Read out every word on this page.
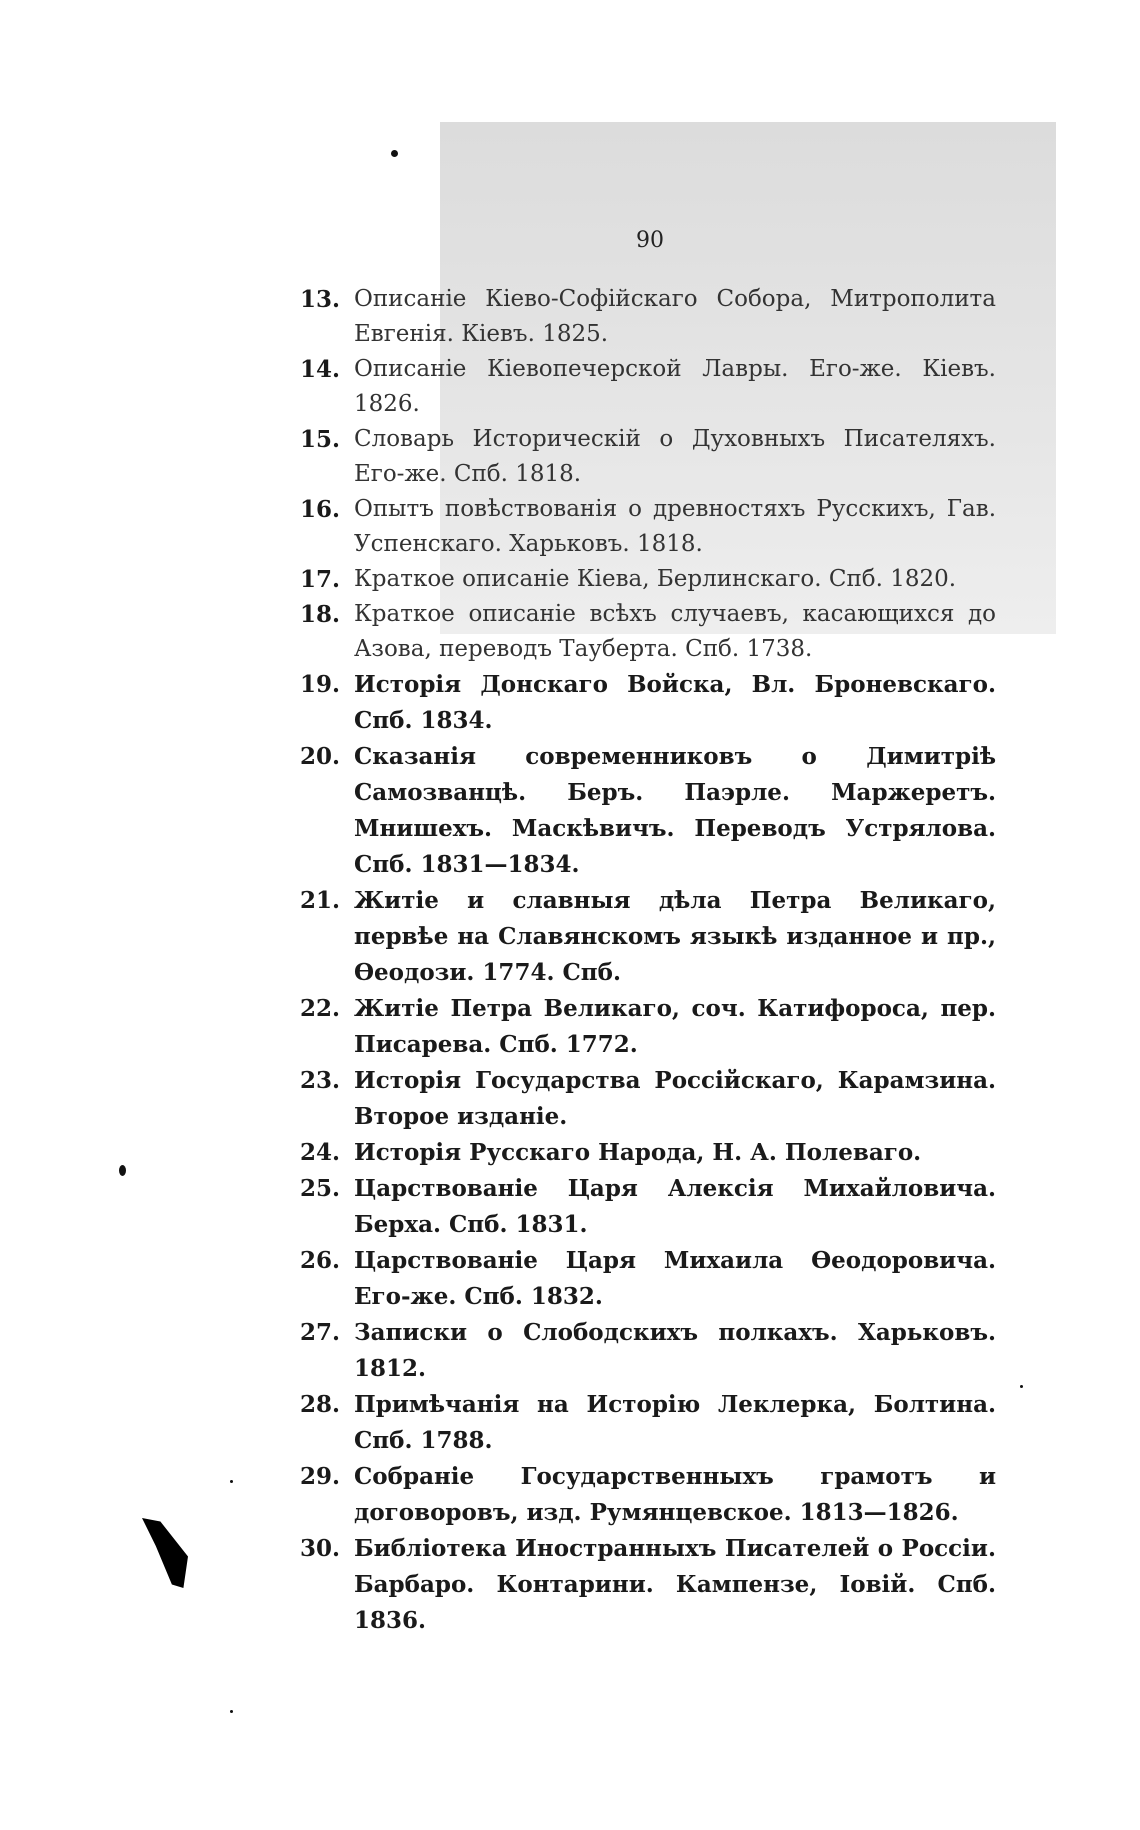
90
13. Описаніе Кіево-Софійскаго Собора, Митрополита Евгенія. Кіевъ. 1825.
14. Описаніе Кіевопечерской Лавры. Его-же. Кіевъ. 1826.
15. Словарь Историческій о Духовныхъ Писателяхъ. Его-же. Спб. 1818.
16. Опытъ повѣствованія о древностяхъ Русскихъ, Гав. Успенскаго. Харьковъ. 1818.
17. Краткое описаніе Кіева, Берлинскаго. Спб. 1820.
18. Краткое описаніе всѣхъ случаевъ, касающихся до Азова, переводъ Тауберта. Спб. 1738.
19. Исторія Донскаго Войска, Вл. Броневскаго. Спб. 1834.
20. Сказанія современниковъ о Димитріѣ Самозванцѣ. Беръ. Паэрле. Маржеретъ. Мнишехъ. Маскѣвичъ. Переводъ Устрялова. Спб. 1831—1834.
21. Житіе и славныя дѣла Петра Великаго, первѣе на Славянскомъ языкѣ изданное и пр., Өеодози. 1774. Спб.
22. Житіе Петра Великаго, соч. Катифороса, пер. Писарева. Спб. 1772.
23. Исторія Государства Россійскаго, Карамзина. Второе изданіе.
24. Исторія Русскаго Народа, Н. А. Полеваго.
25. Царствованіе Царя Алексія Михайловича. Берха. Спб. 1831.
26. Царствованіе Царя Михаила Өеодоровича. Его-же. Спб. 1832.
27. Записки о Слободскихъ полкахъ. Харьковъ. 1812.
28. Примѣчанія на Исторію Леклерка, Болтина. Спб. 1788.
29. Собраніе Государственныхъ грамотъ и договоровъ, изд. Румянцевское. 1813—1826.
30. Библіотека Иностранныхъ Писателей о Россіи. Барбаро. Контарини. Кампензе, Іовій. Спб. 1836.
